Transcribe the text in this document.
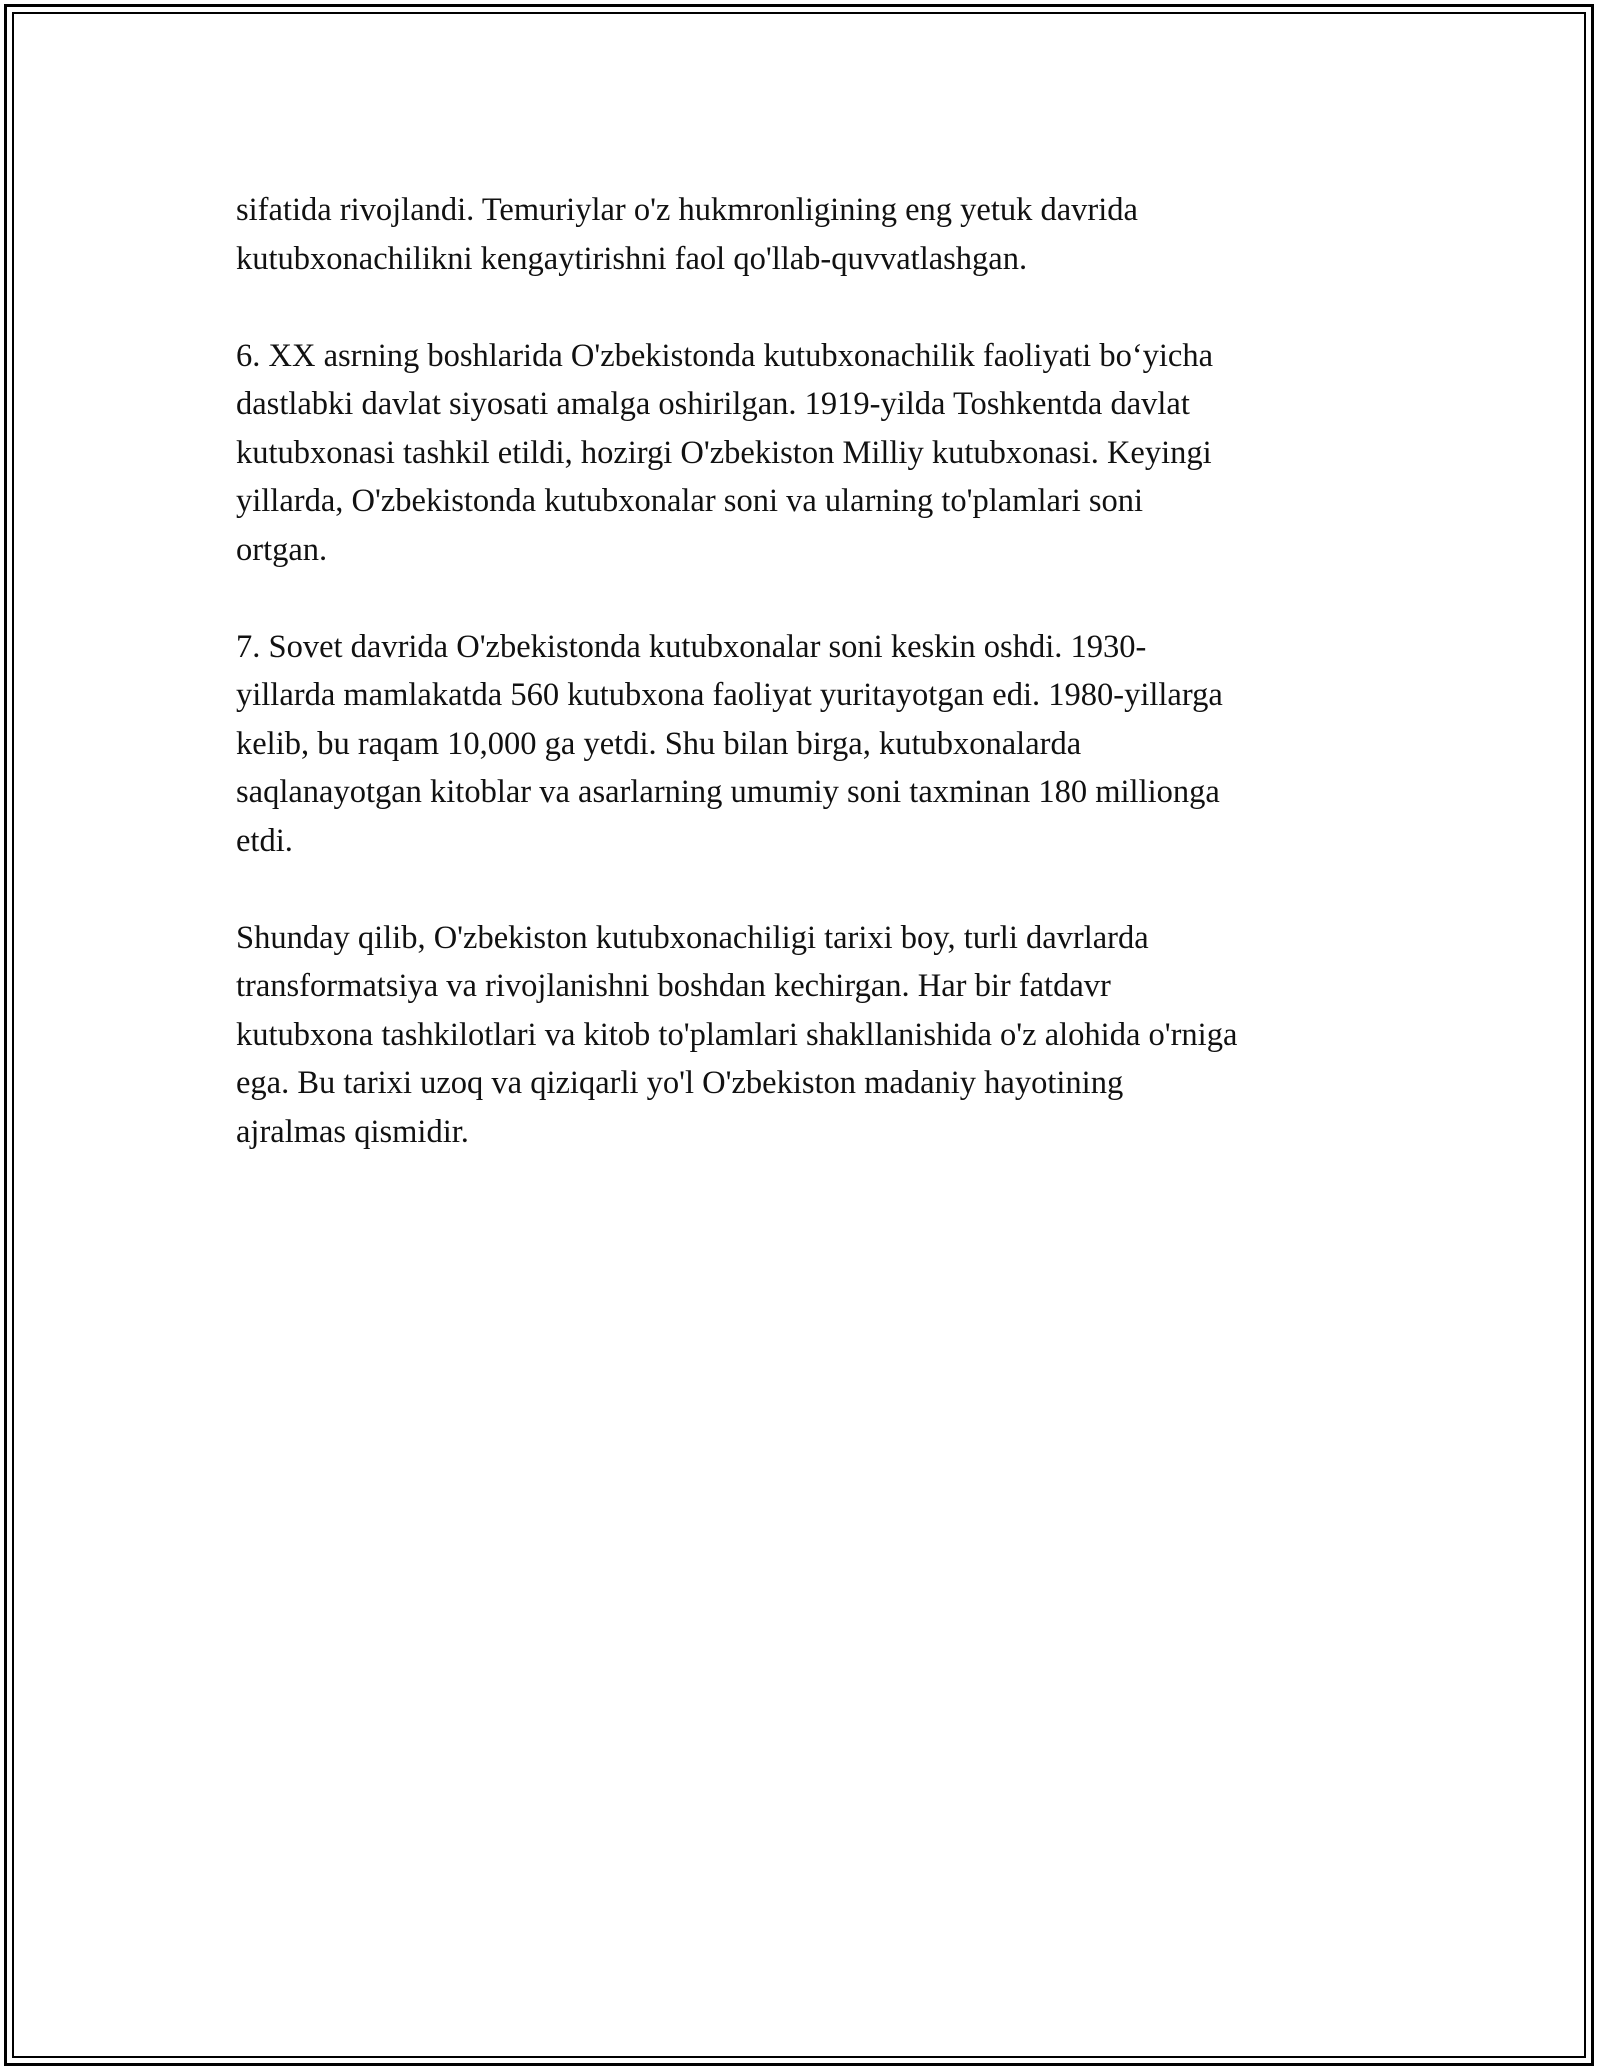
sifatida rivojlandi. Temuriylar o'z hukmronligining eng yetuk davrida
kutubxonachilikni kengaytirishni faol qo'llab-quvvatlashgan.

6. XX asrning boshlarida O'zbekistonda kutubxonachilik faoliyati bo‘yicha
dastlabki davlat siyosati amalga oshirilgan. 1919-yilda Toshkentda davlat
kutubxonasi tashkil etildi, hozirgi O'zbekiston Milliy kutubxonasi. Keyingi
yillarda, O'zbekistonda kutubxonalar soni va ularning to'plamlari soni
ortgan.

7. Sovet davrida O'zbekistonda kutubxonalar soni keskin oshdi. 1930-
yillarda mamlakatda 560 kutubxona faoliyat yuritayotgan edi. 1980-yillarga
kelib, bu raqam 10,000 ga yetdi. Shu bilan birga, kutubxonalarda
saqlanayotgan kitoblar va asarlarning umumiy soni taxminan 180 millionga
etdi.

Shunday qilib, O'zbekiston kutubxonachiligi tarixi boy, turli davrlarda
transformatsiya va rivojlanishni boshdan kechirgan. Har bir fatdavr
kutubxona tashkilotlari va kitob to'plamlari shakllanishida o'z alohida o'rniga
ega. Bu tarixi uzoq va qiziqarli yo'l O'zbekiston madaniy hayotining
ajralmas qismidir.
